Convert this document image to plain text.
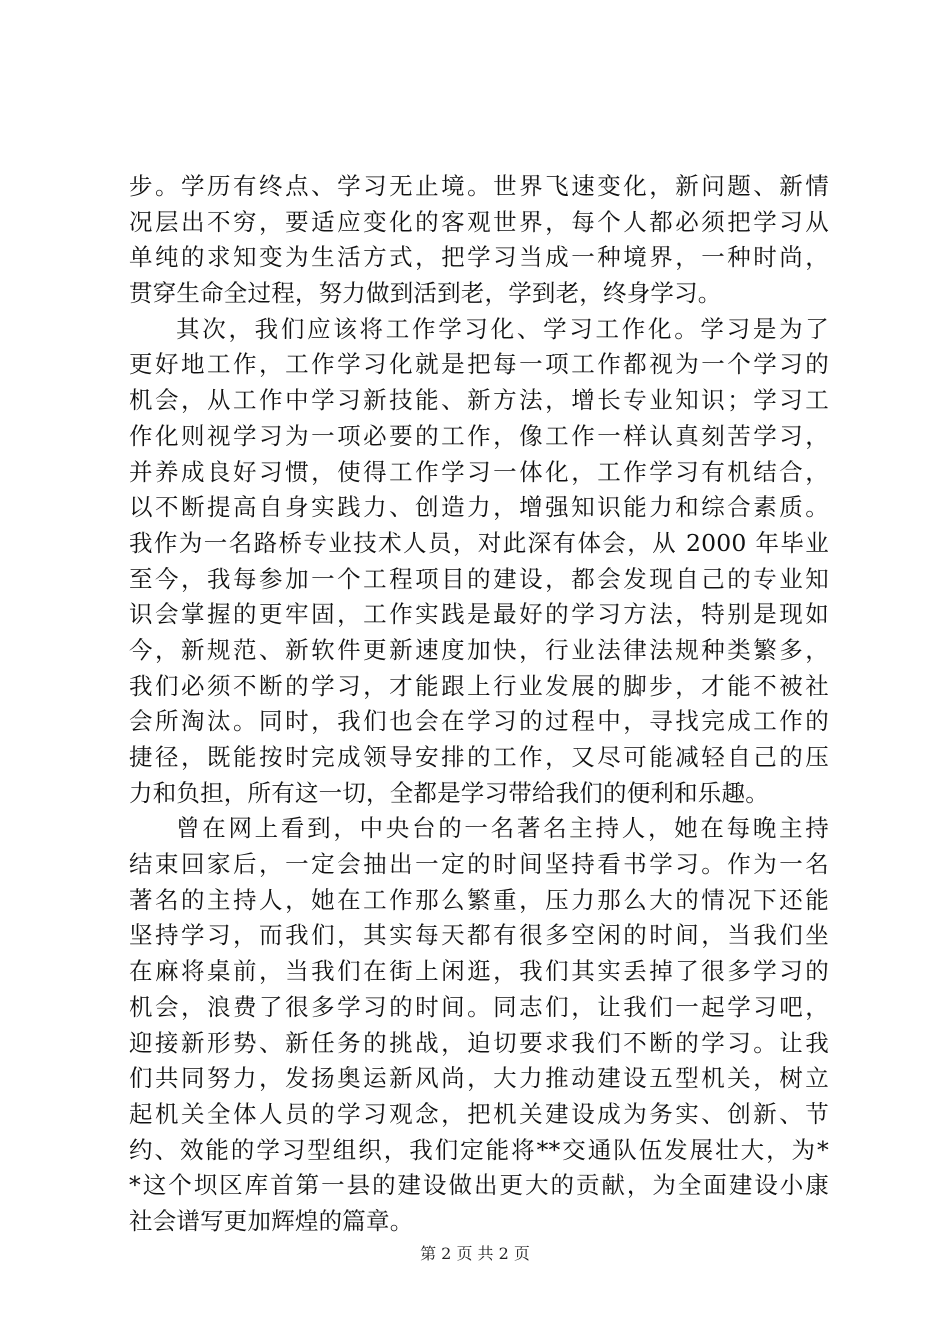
步。学历有终点、学习无止境。世界飞速变化，新问题、新情
况层出不穷，要适应变化的客观世界，每个人都必须把学习从
单纯的求知变为生活方式，把学习当成一种境界，一种时尚，
贯穿生命全过程，努力做到活到老，学到老，终身学习。
其次，我们应该将工作学习化、学习工作化。学习是为了
更好地工作，工作学习化就是把每一项工作都视为一个学习的
机会，从工作中学习新技能、新方法，增长专业知识；学习工
作化则视学习为一项必要的工作，像工作一样认真刻苦学习，
并养成良好习惯，使得工作学习一体化，工作学习有机结合，
以不断提高自身实践力、创造力，增强知识能力和综合素质。
我作为一名路桥专业技术人员，对此深有体会，从 2000 年毕业
至今，我每参加一个工程项目的建设，都会发现自己的专业知
识会掌握的更牢固，工作实践是最好的学习方法，特别是现如
今，新规范、新软件更新速度加快，行业法律法规种类繁多，
我们必须不断的学习，才能跟上行业发展的脚步，才能不被社
会所淘汰。同时，我们也会在学习的过程中，寻找完成工作的
捷径，既能按时完成领导安排的工作，又尽可能减轻自己的压
力和负担，所有这一切，全都是学习带给我们的便利和乐趣。
曾在网上看到，中央台的一名著名主持人，她在每晚主持
结束回家后，一定会抽出一定的时间坚持看书学习。作为一名
著名的主持人，她在工作那么繁重，压力那么大的情况下还能
坚持学习，而我们，其实每天都有很多空闲的时间，当我们坐
在麻将桌前，当我们在街上闲逛，我们其实丢掉了很多学习的
机会，浪费了很多学习的时间。同志们，让我们一起学习吧，
迎接新形势、新任务的挑战，迫切要求我们不断的学习。让我
们共同努力，发扬奥运新风尚，大力推动建设五型机关，树立
起机关全体人员的学习观念，把机关建设成为务实、创新、节
约、效能的学习型组织，我们定能将**交通队伍发展壮大，为*
*这个坝区库首第一县的建设做出更大的贡献，为全面建设小康
社会谱写更加辉煌的篇章。
第 2 页 共 2 页
